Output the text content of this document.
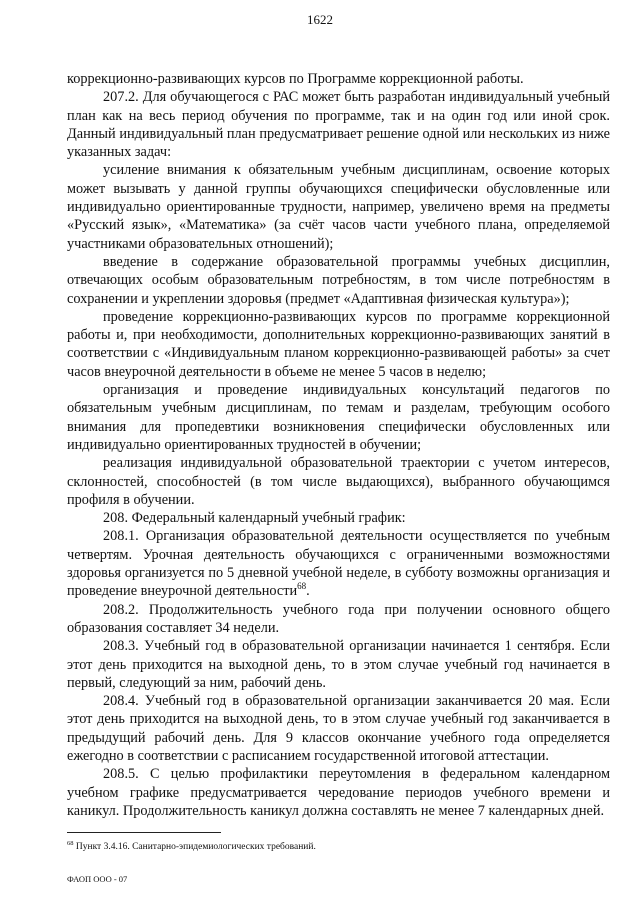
1622

коррекционно-развивающих курсов по Программе коррекционной работы.

207.2. Для обучающегося с РАС может быть разработан индивидуальный учебный план как на весь период обучения по программе, так и на один год или иной срок. Данный индивидуальный план предусматривает решение одной или нескольких из ниже указанных задач:

усиление внимания к обязательным учебным дисциплинам, освоение которых может вызывать у данной группы обучающихся специфически обусловленные или индивидуально ориентированные трудности, например, увеличено время на предметы «Русский язык», «Математика» (за счёт часов части учебного плана, определяемой участниками образовательных отношений);

введение в содержание образовательной программы учебных дисциплин, отвечающих особым образовательным потребностям, в том числе потребностям в сохранении и укреплении здоровья (предмет «Адаптивная физическая культура»);

проведение коррекционно-развивающих курсов по программе коррекционной работы и, при необходимости, дополнительных коррекционно-развивающих занятий в соответствии с «Индивидуальным планом коррекционно-развивающей работы» за счет часов внеурочной деятельности в объеме не менее 5 часов в неделю;

организация и проведение индивидуальных консультаций педагогов по обязательным учебным дисциплинам, по темам и разделам, требующим особого внимания для пропедевтики возникновения специфически обусловленных или индивидуально ориентированных трудностей в обучении;

реализация индивидуальной образовательной траектории с учетом интересов, склонностей, способностей (в том числе выдающихся), выбранного обучающимся профиля в обучении.

208. Федеральный календарный учебный график:

208.1. Организация образовательной деятельности осуществляется по учебным четвертям. Урочная деятельность обучающихся с ограниченными возможностями здоровья организуется по 5 дневной учебной неделе, в субботу возможны организация и проведение внеурочной деятельности$^{68}$.

208.2. Продолжительность учебного года при получении основного общего образования составляет 34 недели.

208.3. Учебный год в образовательной организации начинается 1 сентября. Если этот день приходится на выходной день, то в этом случае учебный год начинается в первый, следующий за ним, рабочий день.

208.4. Учебный год в образовательной организации заканчивается 20 мая. Если этот день приходится на выходной день, то в этом случае учебный год заканчивается в предыдущий рабочий день. Для 9 классов окончание учебного года определяется ежегодно в соответствии с расписанием государственной итоговой аттестации.

208.5. С целью профилактики переутомления в федеральном календарном учебном графике предусматривается чередование периодов учебного времени и каникул. Продолжительность каникул должна составлять не менее 7 календарных дней.

$^{68}$ Пункт 3.4.16. Санитарно-эпидемиологических требований.
ФАОП ООО - 07
